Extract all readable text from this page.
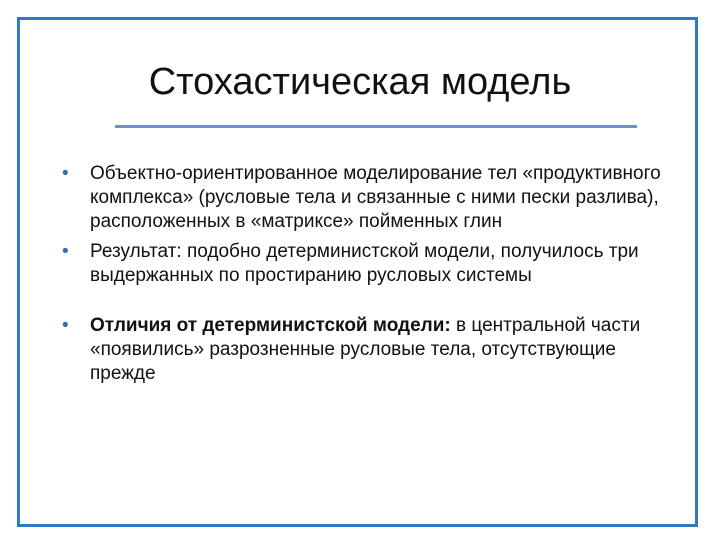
Стохастическая модель
• Объектно-ориентированное моделирование тел «продуктивного комплекса» (русловые тела и связанные с ними пески разлива), расположенных в «матриксе» пойменных глин
• Результат: подобно детерминистской модели, получилось три выдержанных по простиранию русловых системы
• Отличия от детерминистской модели: в центральной части «появились» разрозненные русловые тела, отсутствующие прежде
